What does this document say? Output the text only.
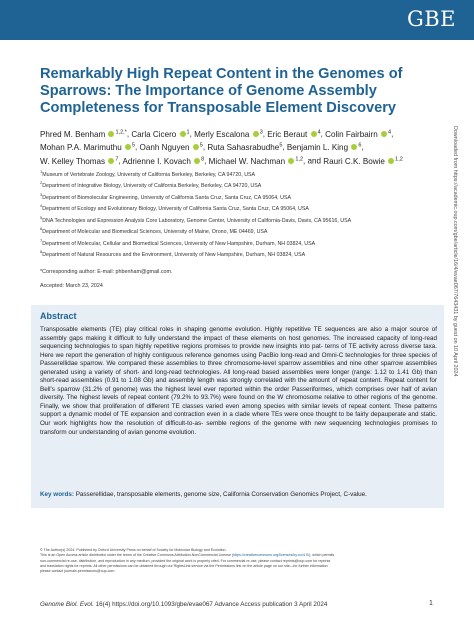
GBE
Remarkably High Repeat Content in the Genomes of
Sparrows: The Importance of Genome Assembly
Completeness for Transposable Element Discovery
Phred M. Benham $^{1,2,*}$, Carla Cicero $^1$, Merly Escalona $^3$, Eric Beraut $^4$, Colin Fairbairn $^4$,
Mohan P.A. Marimuthu $^5$, Oanh Nguyen $^5$, Ruta Sahasrabudhe$^5$, Benjamin L. King $^6$,
W. Kelley Thomas $^7$, Adrienne I. Kovach $^8$, Michael W. Nachman $^{1,2}$, and Rauri C.K. Bowie $^{1,2}$
$^1$Museum of Vertebrate Zoology, University of California Berkeley, Berkeley, CA 94720, USA
$^2$Department of Integrative Biology, University of California Berkeley, Berkeley, CA 94720, USA
$^3$Department of Biomolecular Engineering, University of California Santa Cruz, Santa Cruz, CA 95064, USA
$^4$Department of Ecology and Evolutionary Biology, University of California Santa Cruz, Santa Cruz, CA 95064, USA
$^5$DNA Technologies and Expression Analysis Core Laboratory, Genome Center, University of California-Davis, Davis, CA 95616, USA
$^6$Department of Molecular and Biomedical Sciences, University of Maine, Orono, ME 04469, USA
$^7$Department of Molecular, Cellular and Biomedical Sciences, University of New Hampshire, Durham, NH 03824, USA
$^8$Department of Natural Resources and the Environment, University of New Hampshire, Durham, NH 03824, USA
*Corresponding author: E-mail: phbenham@gmail.com.
Accepted: March 23, 2024
Abstract

Transposable elements (TE) play critical roles in shaping genome evolution. Highly repetitive TE sequences are also a major source of assembly gaps making it difficult to fully understand the impact of these elements on host genomes. The increased capacity of long-read sequencing technologies to span highly repetitive regions promises to provide new insights into pat- terns of TE activity across diverse taxa. Here we report the generation of highly contiguous reference genomes using PacBio long-read and Omni-C technologies for three species of Passerellidae sparrow. We compared these assemblies to three chromosome-level sparrow assemblies and nine other sparrow assemblies generated using a variety of short- and long-read technologies. All long-read based assemblies were longer (range: 1.12 to 1.41 Gb) than short-read assemblies (0.91 to 1.08 Gb) and assembly length was strongly correlated with the amount of repeat content. Repeat content for Bell's sparrow (31.2% of genome) was the highest level ever reported within the order Passeriformes, which comprises over half of avian diversity. The highest levels of repeat content (79.2% to 93.7%) were found on the W chromosome relative to other regions of the genome. Finally, we show that proliferation of different TE classes varied even among species with similar levels of repeat content. These patterns support a dynamic model of TE expansion and contraction even in a clade where TEs were once thought to be fairly depauperate and static. Our work highlights how the resolution of difficult-to-as- semble regions of the genome with new sequencing technologies promises to transform our understanding of avian genome evolution.

Key words: Passerellidae, transposable elements, genome size, California Conservation Genomics Project, C-value.
© The Author(s) 2024. Published by Oxford University Press on behalf of Society for Molecular Biology and Evolution.
This is an Open Access article distributed under the terms of the Creative Commons Attribution-NonCommercial License (https://creativecommons.org/licenses/by-nc/4.0/), which permits
non-commercial re-use, distribution, and reproduction in any medium, provided the original work is properly cited. For commercial re-use, please contact reprints@oup.com for reprints
and translation rights for reprints. All other permissions can be obtained through our RightsLink service via the Permissions link on the article page on our site—for further information
please contact journals.permissions@oup.com.
Genome Biol. Evol. 16(4) https://doi.org/10.1093/gbe/evae067 Advance Access publication 3 April 2024	1
Downloaded from https://academic.oup.com/gbe/article/16/4/evae067/7643431 by guest on 10 April 2024
